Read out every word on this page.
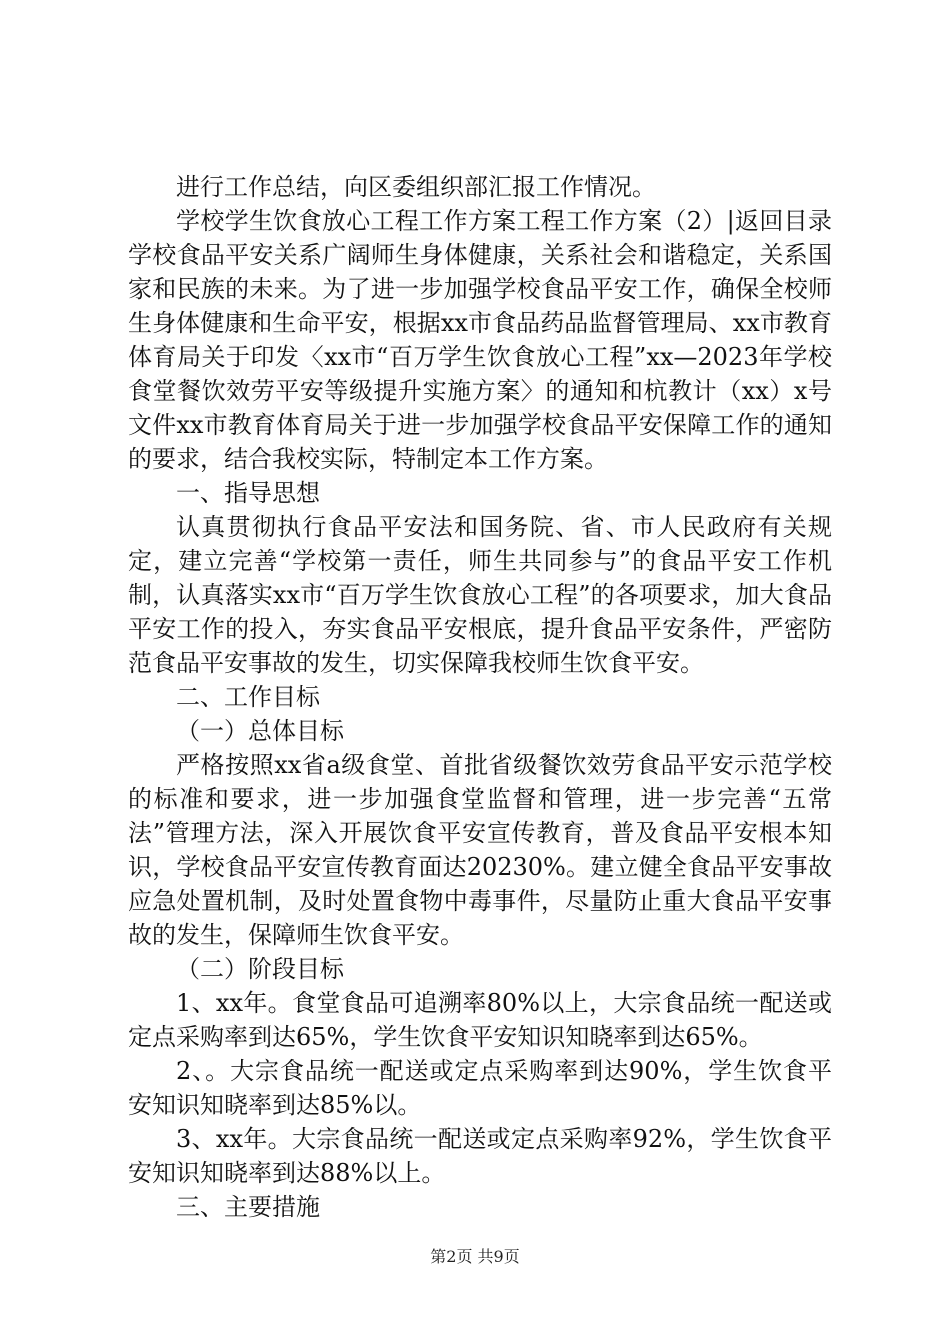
进行工作总结，向区委组织部汇报工作情况。

学校学生饮食放心工程工作方案工程工作方案（2）|返回目录学校食品平安关系广阔师生身体健康，关系社会和谐稳定，关系国家和民族的未来。为了进一步加强学校食品平安工作，确保全校师生身体健康和生命平安，根据xx市食品药品监督管理局、xx市教育体育局关于印发〈xx市“百万学生饮食放心工程”xx—2023年学校食堂餐饮效劳平安等级提升实施方案〉的通知和杭教计（xx）x号文件xx市教育体育局关于进一步加强学校食品平安保障工作的通知的要求，结合我校实际，特制定本工作方案。

一、指导思想

认真贯彻执行食品平安法和国务院、省、市人民政府有关规定，建立完善“学校第一责任，师生共同参与”的食品平安工作机制，认真落实xx市“百万学生饮食放心工程”的各项要求，加大食品平安工作的投入，夯实食品平安根底，提升食品平安条件，严密防范食品平安事故的发生，切实保障我校师生饮食平安。

二、工作目标

（一）总体目标

严格按照xx省a级食堂、首批省级餐饮效劳食品平安示范学校的标准和要求，进一步加强食堂监督和管理，进一步完善“五常法”管理方法，深入开展饮食平安宣传教育，普及食品平安根本知识，学校食品平安宣传教育面达20230%。建立健全食品平安事故应急处置机制，及时处置食物中毒事件，尽量防止重大食品平安事故的发生，保障师生饮食平安。

（二）阶段目标

1、xx年。食堂食品可追溯率80%以上，大宗食品统一配送或定点采购率到达65%，学生饮食平安知识知晓率到达65%。

2、。大宗食品统一配送或定点采购率到达90%，学生饮食平安知识知晓率到达85%以。

3、xx年。大宗食品统一配送或定点采购率92%，学生饮食平安知识知晓率到达88%以上。

三、主要措施

第2页 共9页
